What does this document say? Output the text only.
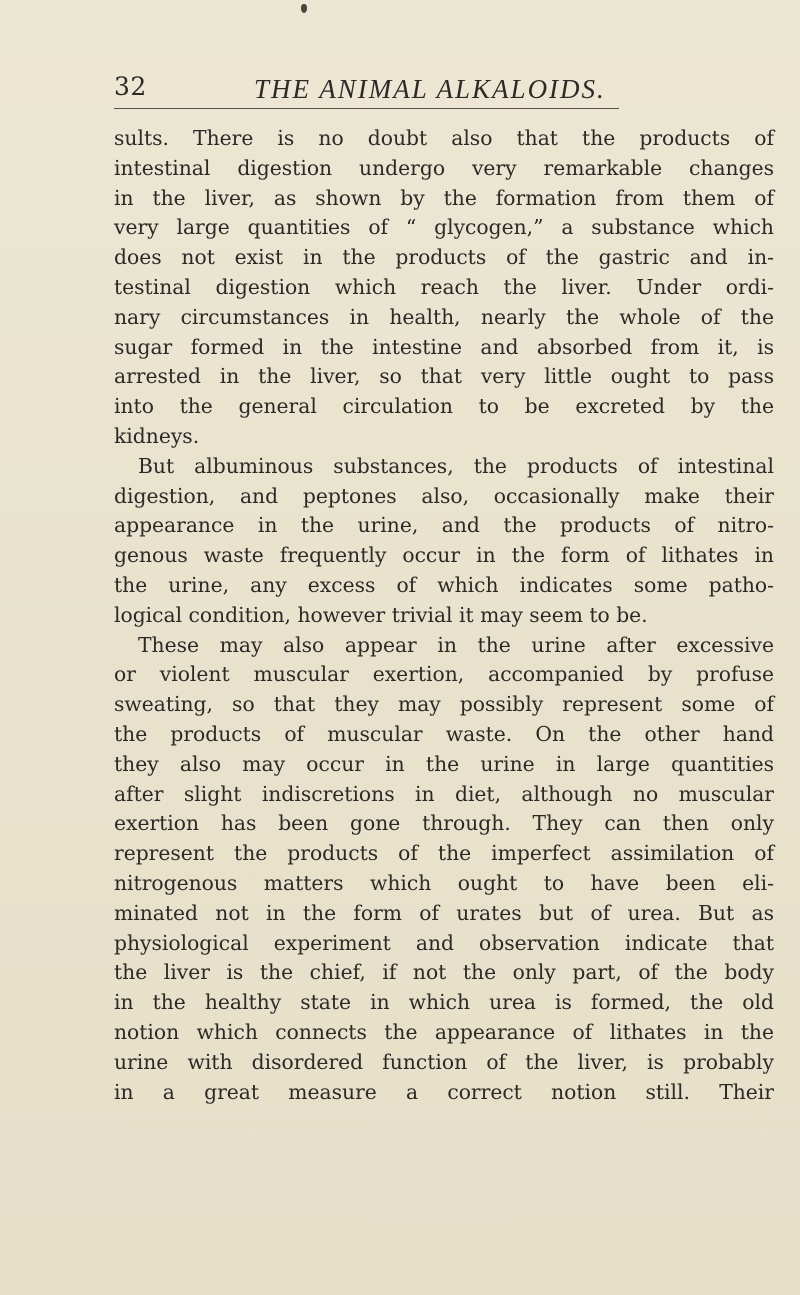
32	THE ANIMAL ALKALOIDS.
sults. There is no doubt also that the products of
intestinal digestion undergo very remarkable changes
in the liver, as shown by the formation from them of
very large quantities of “ glycogen,” a substance which
does not exist in the products of the gastric and in-
testinal digestion which reach the liver. Under ordi-
nary circumstances in health, nearly the whole of the
sugar formed in the intestine and absorbed from it, is
arrested in the liver, so that very little ought to pass
into the general circulation to be excreted by the
kidneys.
But albuminous substances, the products of intestinal
digestion, and peptones also, occasionally make their
appearance in the urine, and the products of nitro-
genous waste frequently occur in the form of lithates in
the urine, any excess of which indicates some patho-
logical condition, however trivial it may seem to be.
These may also appear in the urine after excessive
or violent muscular exertion, accompanied by profuse
sweating, so that they may possibly represent some of
the products of muscular waste. On the other hand
they also may occur in the urine in large quantities
after slight indiscretions in diet, although no muscular
exertion has been gone through. They can then only
represent the products of the imperfect assimilation of
nitrogenous matters which ought to have been eli-
minated not in the form of urates but of urea. But as
physiological experiment and observation indicate that
the liver is the chief, if not the only part, of the body
in the healthy state in which urea is formed, the old
notion which connects the appearance of lithates in the
urine with disordered function of the liver, is probably
in a great measure a correct notion still. Their
